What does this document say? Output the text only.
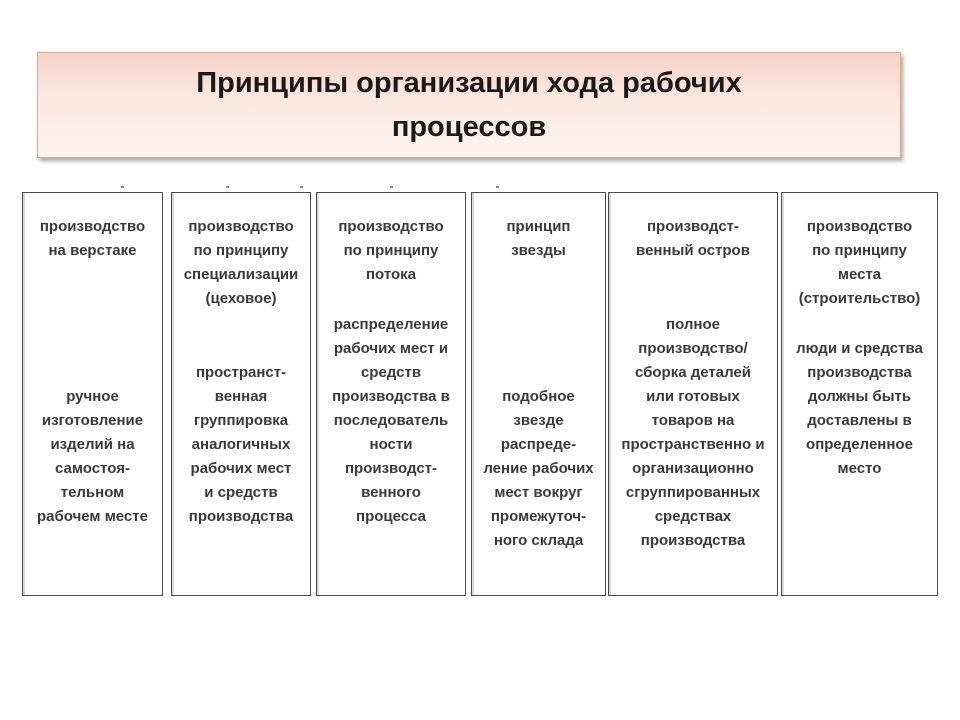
Принципы организации хода рабочих
процессов
производство
на верстаке
ручное
изготовление
изделий на
самостоя-
тельном
рабочем месте
производство
по принципу
специализации
(цеховое)
пространст-
венная
группировка
аналогичных
рабочих мест
и средств
производства
производство
по принципу
потока
распределение
рабочих мест и
средств
производства в
последователь
ности
производст-
венного
процесса
принцип
звезды
подобное
звезде
распреде-
ление рабочих
мест вокруг
промежуточ-
ного склада
производст-
венный остров
полное
производство/
сборка деталей
или готовых
товаров на
пространственно и
организационно
сгруппированных
средствах
производства
производство
по принципу
места
(строительство)
люди и средства
производства
должны быть
доставлены в
определенное
место
